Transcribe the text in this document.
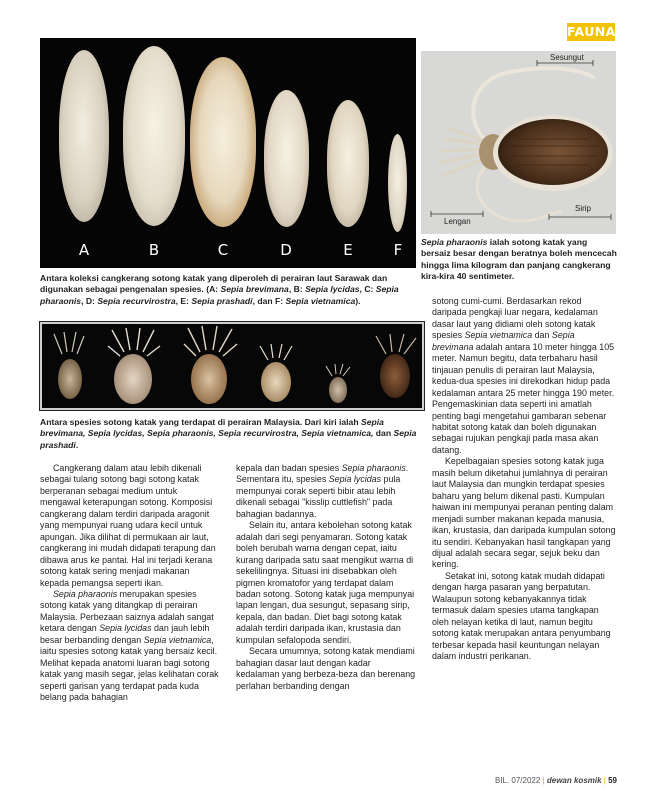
FAUNA
A	B	C	D	E	F
Antara koleksi cangkerang sotong katak yang diperoleh di perairan laut Sarawak dan digunakan sebagai pengenalan spesies. (A: Sepia brevimana, B: Sepia lycidas, C: Sepia pharaonis, D: Sepia recurvirostra, E: Sepia prashadi, dan F: Sepia vietnamica).
Antara spesies sotong katak yang terdapat di perairan Malaysia. Dari kiri ialah Sepia brevimana, Sepia lycidas, Sepia pharaonis, Sepia recurvirostra, Sepia vietnamica, dan Sepia prashadi.
Sesungut
Lengan
Sirip
Sepia pharaonis ialah sotong katak yang bersaiz besar dengan beratnya boleh mencecah hingga lima kilogram dan panjang cangkerang kira-kira 40 sentimeter.

Cangkerang dalam atau lebih dikenali sebagai tulang sotong bagi sotong katak berperanan sebagai medium untuk mengawal keterapungan sotong. Komposisi cangkerang dalam terdiri daripada aragonit yang mempunyai ruang udara kecil untuk apungan. Jika dilihat di permukaan air laut, cangkerang ini mudah didapati terapung dan dibawa arus ke pantai. Hal ini terjadi kerana sotong katak sering menjadi makanan kepada pemangsa seperti ikan.

Sepia pharaonis merupakan spesies sotong katak yang ditangkap di perairan Malaysia. Perbezaan saiznya adalah sangat ketara dengan Sepia lycidas dan jauh lebih besar berbanding dengan Sepia vietnamica, iaitu spesies sotong katak yang bersaiz kecil. Melihat kepada anatomi luaran bagi sotong katak yang masih segar, jelas kelihatan corak seperti garisan yang terdapat pada kuda belang pada bahagian

kepala dan badan spesies Sepia pharaonis. Sementara itu, spesies Sepia lycidas pula mempunyai corak seperti bibir atau lebih dikenali sebagai "kisslip cuttlefish" pada bahagian badannya.

Selain itu, antara kebolehan sotong katak adalah dari segi penyamaran. Sotong katak boleh berubah warna dengan cepat, iaitu kurang daripada satu saat mengikut warna di sekelilingnya. Situasi ini disebabkan oleh pigmen kromatofor yang terdapat dalam badan sotong. Sotong katak juga mempunyai lapan lengan, dua sesungut, sepasang sirip, kepala, dan badan. Diet bagi sotong katak adalah terdiri daripada ikan, krustasia dan kumpulan sefalopoda sendiri.

Secara umumnya, sotong katak mendiami bahagian dasar laut dengan kadar kedalaman yang berbeza-beza dan berenang perlahan berbanding dengan

sotong cumi-cumi. Berdasarkan rekod daripada pengkaji luar negara, kedalaman dasar laut yang didiami oleh sotong katak spesies Sepia vietnamica dan Sepia brevimana adalah antara 10 meter hingga 105 meter. Namun begitu, data terbaharu hasil tinjauan penulis di perairan laut Malaysia, kedua-dua spesies ini direkodkan hidup pada kedalaman antara 25 meter hingga 190 meter. Pengemaskinian data seperti ini amatlah penting bagi mengetahui gambaran sebenar habitat sotong katak dan boleh digunakan sebagai rujukan pengkaji pada masa akan datang.

Kepelbagaian spesies sotong katak juga masih belum diketahui jumlahnya di perairan laut Malaysia dan mungkin terdapat spesies baharu yang belum dikenal pasti. Kumpulan haiwan ini mempunyai peranan penting dalam menjadi sumber makanan kepada manusia, ikan, krustasia, dan daripada kumpulan sotong itu sendiri. Kebanyakan hasil tangkapan yang dijual adalah secara segar, sejuk beku dan kering.

Setakat ini, sotong katak mudah didapati dengan harga pasaran yang berpatutan. Walaupun sotong kebanyakannya tidak termasuk dalam spesies utama tangkapan oleh nelayan ketika di laut, namun begitu sotong katak merupakan antara penyumbang terbesar kepada hasil keuntungan nelayan dalam industri perikanan.

BIL. 07/2022 | dewan kosmik | 59
